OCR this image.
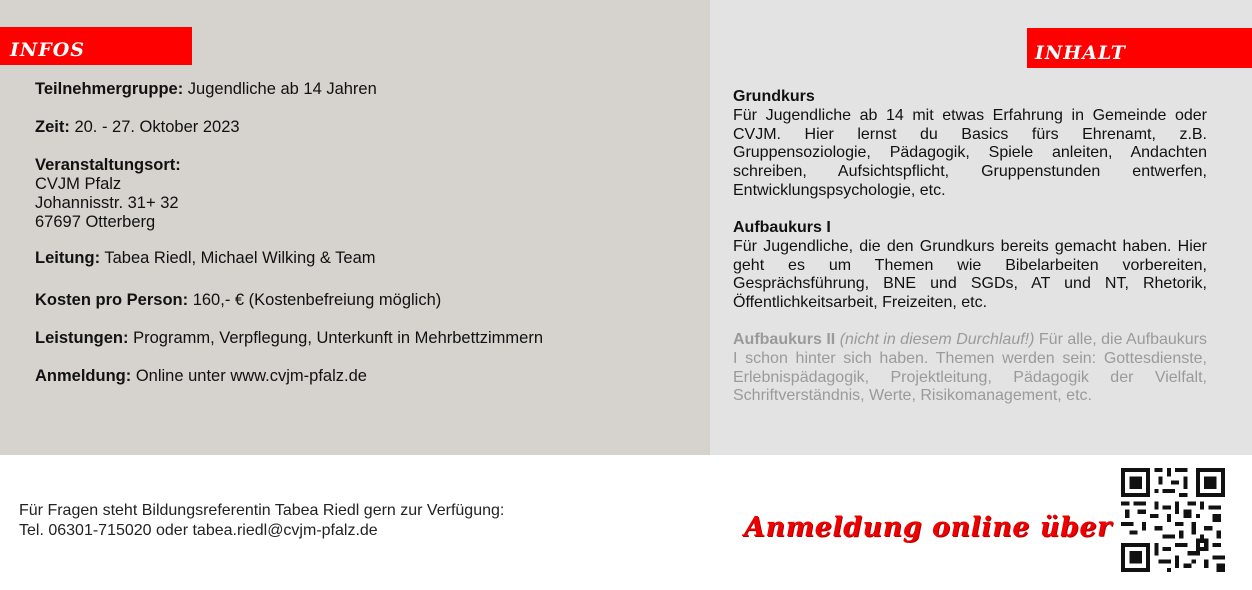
INFOS	INHALT
Teilnehmergruppe: Jugendliche ab 14 Jahren
Zeit: 20. - 27. Oktober 2023
Veranstaltungsort:
CVJM Pfalz
Johannisstr. 31+ 32
67697 Otterberg
Leitung: Tabea Riedl, Michael Wilking & Team
Kosten pro Person: 160,- € (Kostenbefreiung möglich)
Leistungen: Programm, Verpflegung, Unterkunft in Mehrbettzimmern
Anmeldung: Online unter www.cvjm-pfalz.de
Grundkurs

Für Jugendliche ab 14 mit etwas Erfahrung in Gemeinde oder CVJM. Hier lernst du Basics fürs Ehrenamt, z.B. Gruppensoziologie, Pädagogik, Spiele anleiten, Andachten schreiben, Aufsichtspflicht, Gruppenstunden entwerfen, Entwicklungspsychologie, etc.

Aufbaukurs I

Für Jugendliche, die den Grundkurs bereits gemacht haben. Hier geht es um Themen wie Bibelarbeiten vorbereiten, Gesprächsführung, BNE und SGDs, AT und NT, Rhetorik, Öffentlichkeitsarbeit, Freizeiten, etc.

Aufbaukurs II (nicht in diesem Durchlauf!) Für alle, die Aufbaukurs I schon hinter sich haben. Themen werden sein: Gottesdienste, Erlebnispädagogik, Projektleitung, Pädagogik der Vielfalt, Schriftverständnis, Werte, Risikomanagement, etc.

Für Fragen steht Bildungsreferentin Tabea Riedl gern zur Verfügung:
Tel. 06301-715020 oder tabea.riedl@cvjm-pfalz.de	Anmeldung online über
